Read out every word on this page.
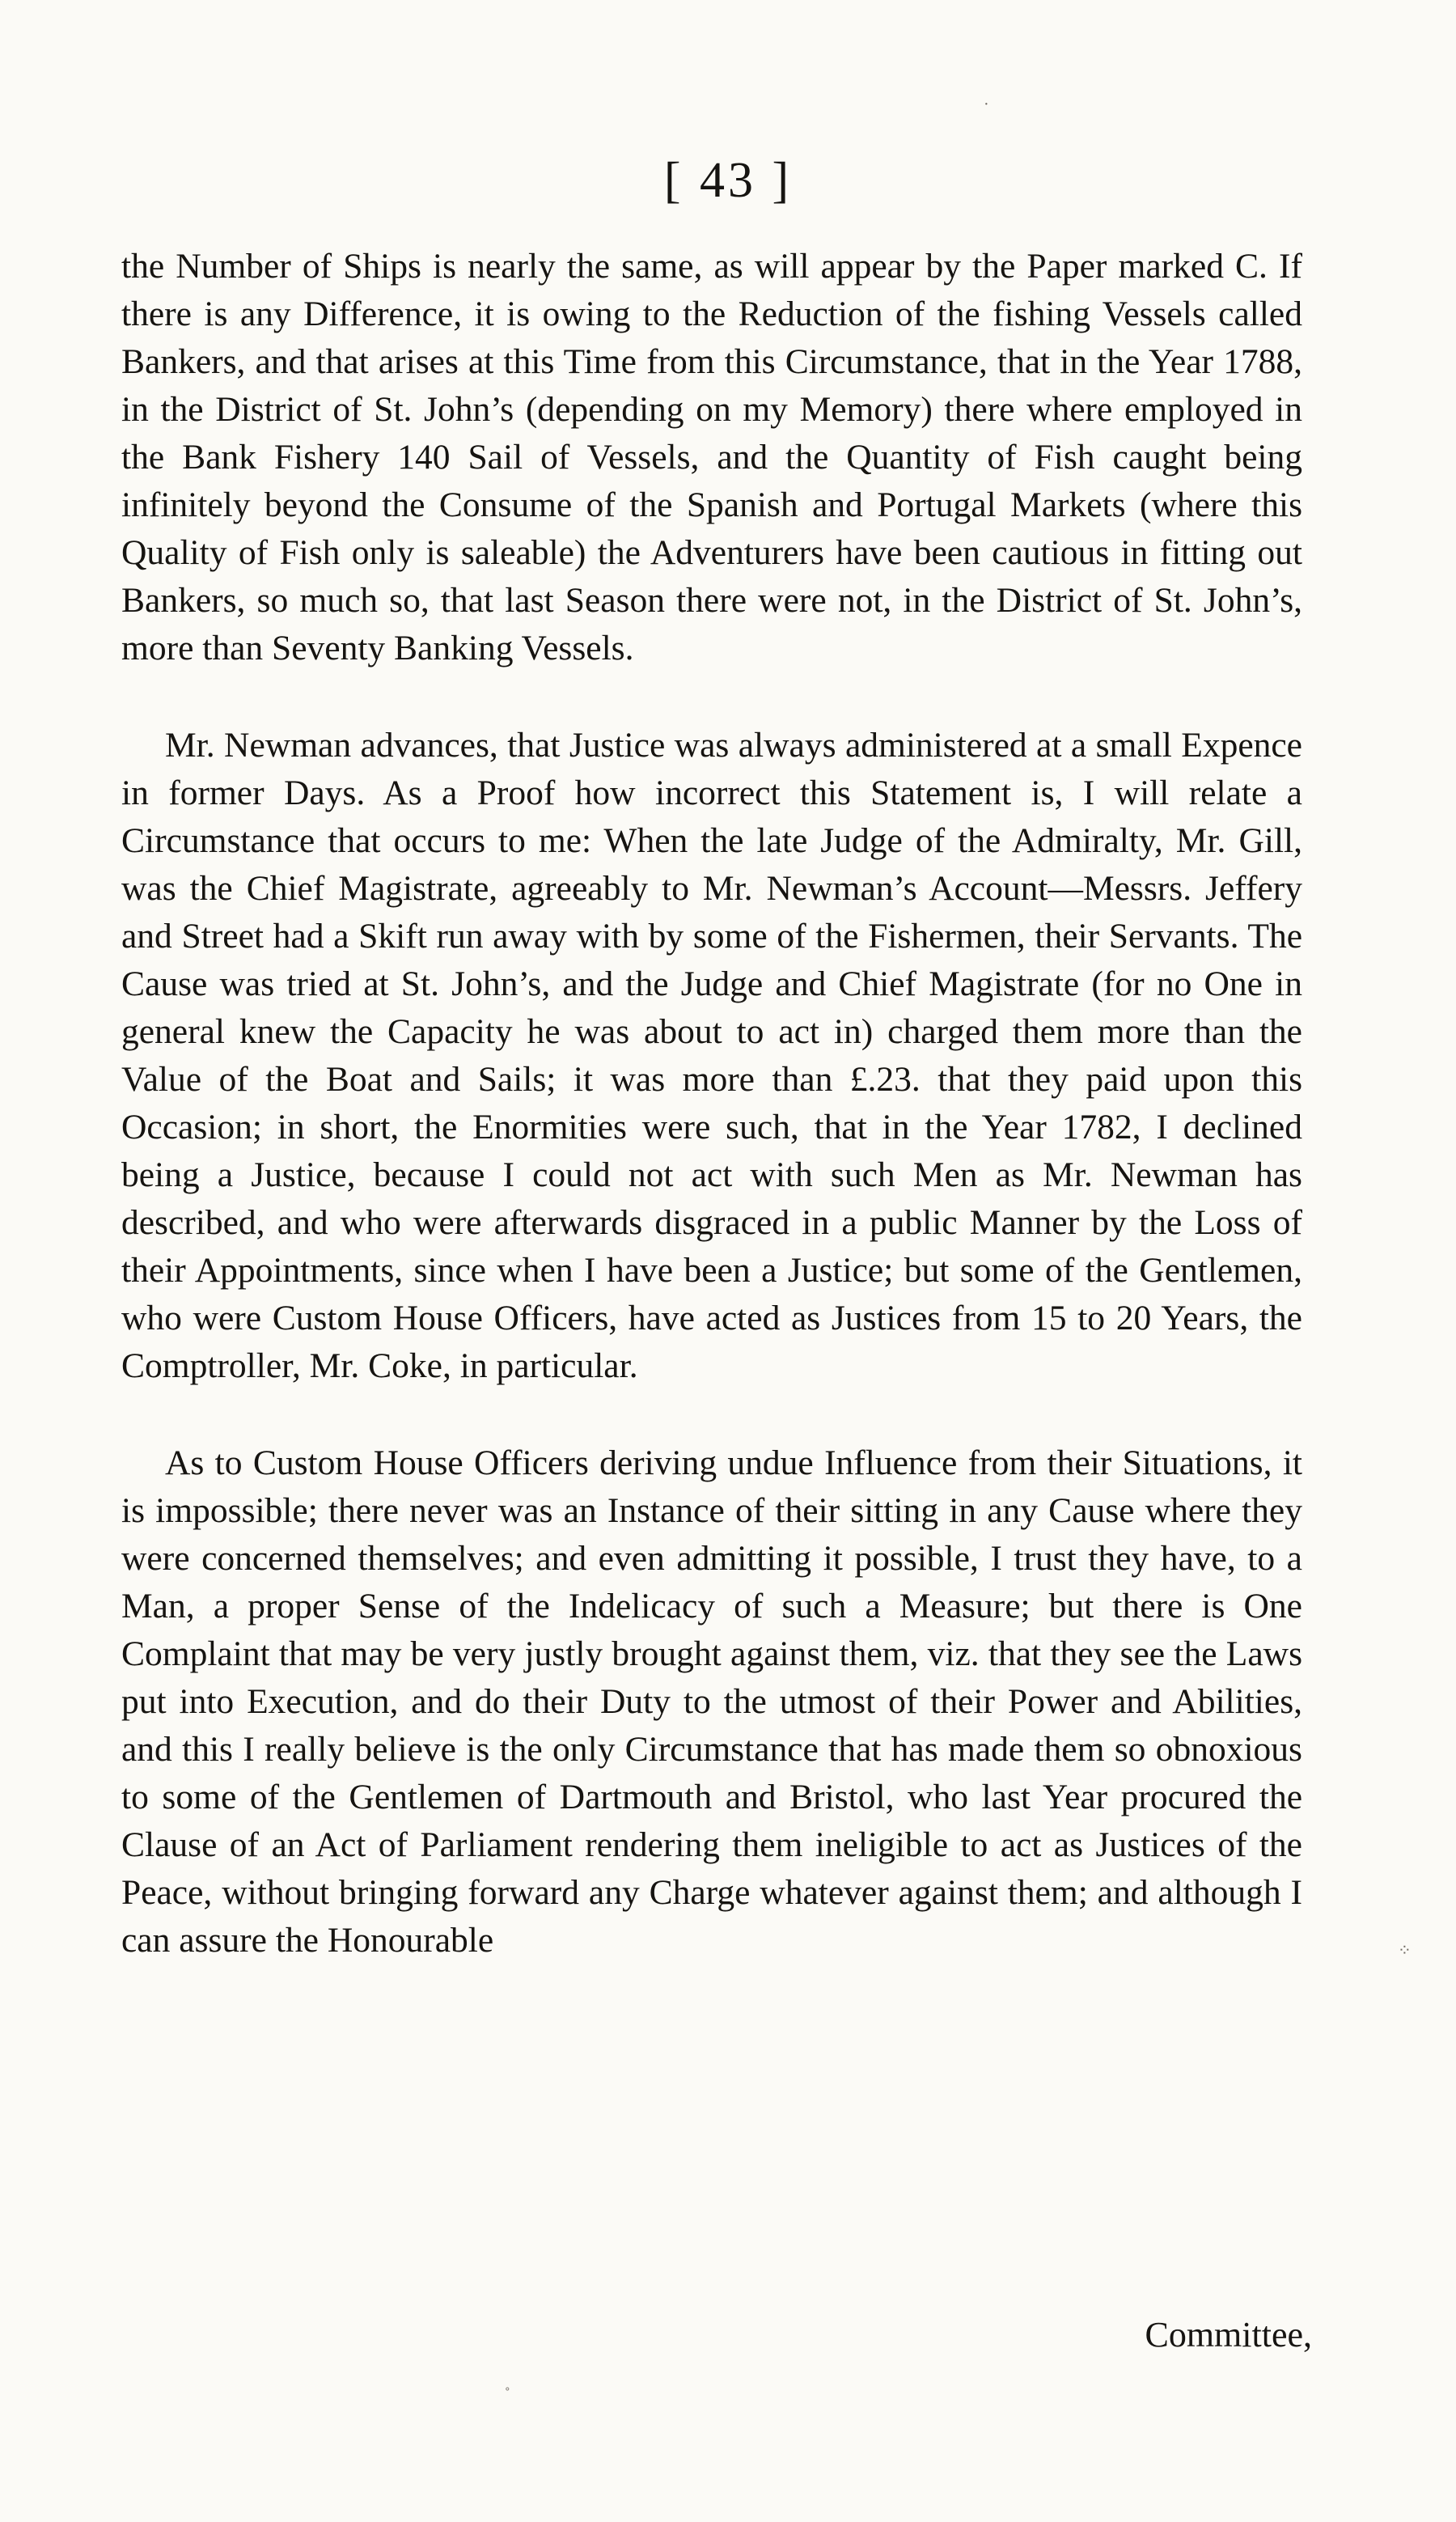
[ 43 ]

the Number of Ships is nearly the same, as will appear by the Paper marked C. If there is any Difference, it is owing to the Reduction of the fishing Vessels called Bankers, and that arises at this Time from this Circumstance, that in the Year 1788, in the District of St. John’s (depending on my Memory) there where employed in the Bank Fishery 140 Sail of Vessels, and the Quantity of Fish caught being infinitely beyond the Consume of the Spanish and Portugal Markets (where this Quality of Fish only is saleable) the Adventurers have been cautious in fitting out Bankers, so much so, that last Season there were not, in the District of St. John’s, more than Seventy Banking Vessels.

Mr. Newman advances, that Justice was always administered at a small Expence in former Days. As a Proof how incorrect this Statement is, I will relate a Circumstance that occurs to me: When the late Judge of the Admiralty, Mr. Gill, was the Chief Magistrate, agreeably to Mr. Newman’s Account—Messrs. Jeffery and Street had a Skift run away with by some of the Fishermen, their Servants. The Cause was tried at St. John’s, and the Judge and Chief Magistrate (for no One in general knew the Capacity he was about to act in) charged them more than the Value of the Boat and Sails; it was more than £.23. that they paid upon this Occasion; in short, the Enormities were such, that in the Year 1782, I declined being a Justice, because I could not act with such Men as Mr. Newman has described, and who were afterwards disgraced in a public Manner by the Loss of their Appointments, since when I have been a Justice; but some of the Gentlemen, who were Custom House Officers, have acted as Justices from 15 to 20 Years, the Comptroller, Mr. Coke, in particular.

As to Custom House Officers deriving undue Influence from their Situations, it is impossible; there never was an Instance of their sitting in any Cause where they were concerned themselves; and even admitting it possible, I trust they have, to a Man, a proper Sense of the Indelicacy of such a Measure; but there is One Complaint that may be very justly brought against them, viz. that they see the Laws put into Execution, and do their Duty to the utmost of their Power and Abilities, and this I really believe is the only Circumstance that has made them so obnoxious to some of the Gentlemen of Dartmouth and Bristol, who last Year procured the Clause of an Act of Parliament rendering them ineligible to act as Justices of the Peace, without bringing forward any Charge whatever against them; and although I can assure the Honourable

Committee,
⁘
·
˚
